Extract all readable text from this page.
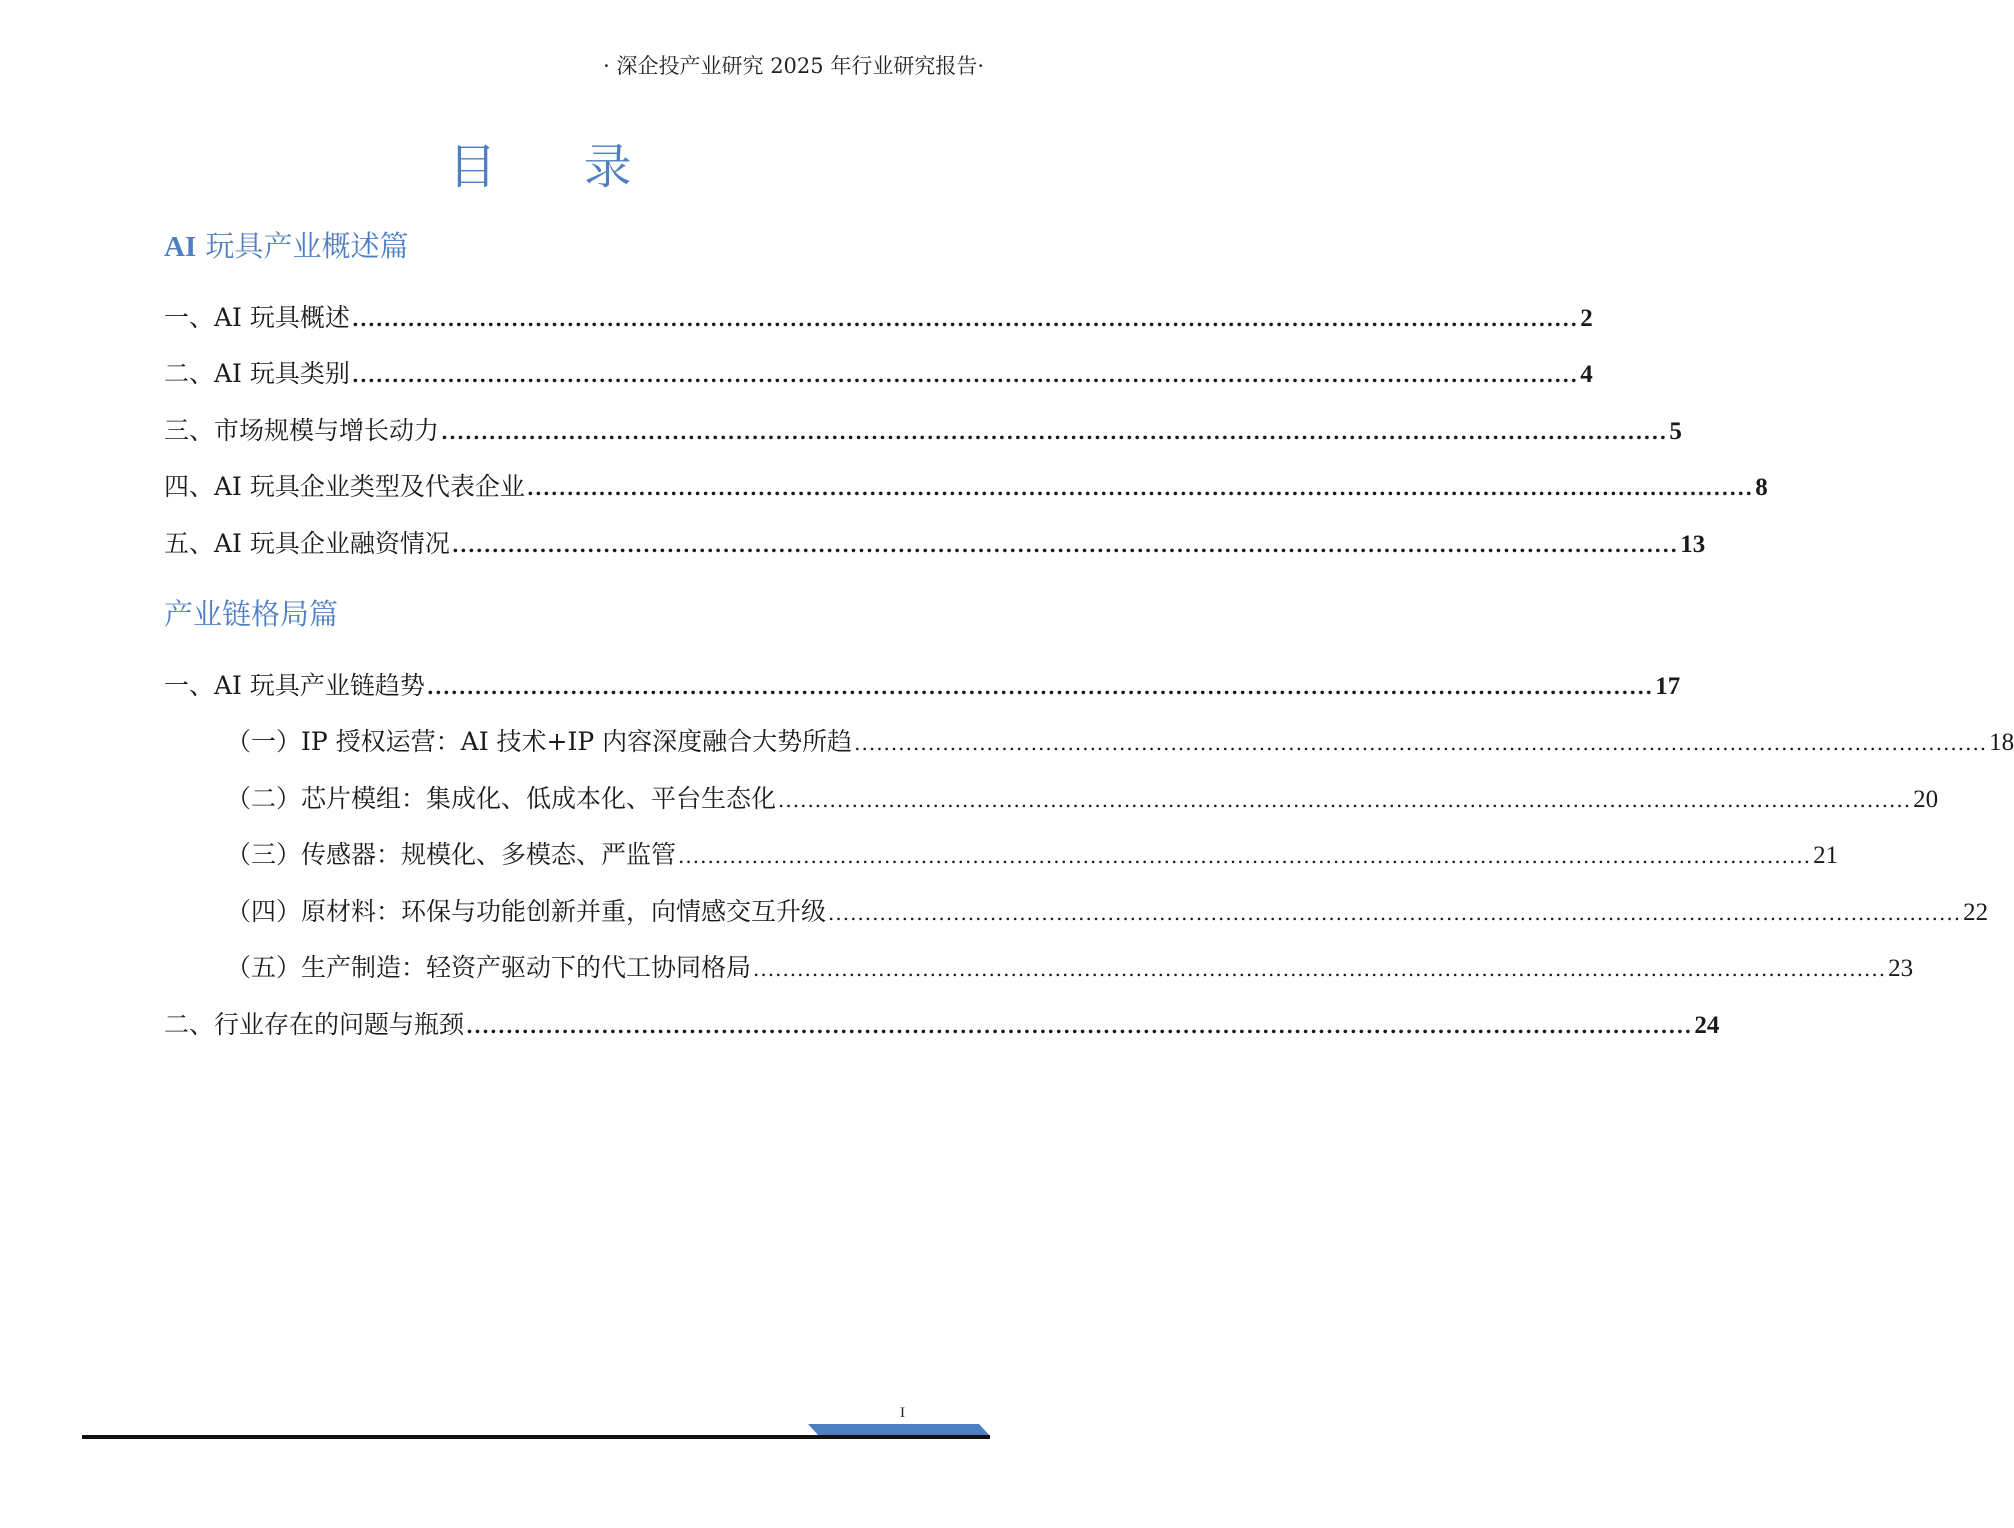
· 深企投产业研究 2025 年行业研究报告·
目 录
AI 玩具产业概述篇
一、AI 玩具概述 .......................................................................................................................................................... 2
二、AI 玩具类别 .......................................................................................................................................................... 4
三、市场规模与增长动力 .......................................................................................................................................................... 5
四、AI 玩具企业类型及代表企业 .......................................................................................................................................................... 8
五、AI 玩具企业融资情况 .......................................................................................................................................................... 13
产业链格局篇
一、AI 玩具产业链趋势 .......................................................................................................................................................... 17
（一）IP 授权运营：AI 技术+IP 内容深度融合大势所趋 .......................................................................................................................................................... 18
（二）芯片模组：集成化、低成本化、平台生态化 .......................................................................................................................................................... 20
（三）传感器：规模化、多模态、严监管 .......................................................................................................................................................... 21
（四）原材料：环保与功能创新并重，向情感交互升级 .......................................................................................................................................................... 22
（五）生产制造：轻资产驱动下的代工协同格局 .......................................................................................................................................................... 23
二、行业存在的问题与瓶颈 .......................................................................................................................................................... 24
I
